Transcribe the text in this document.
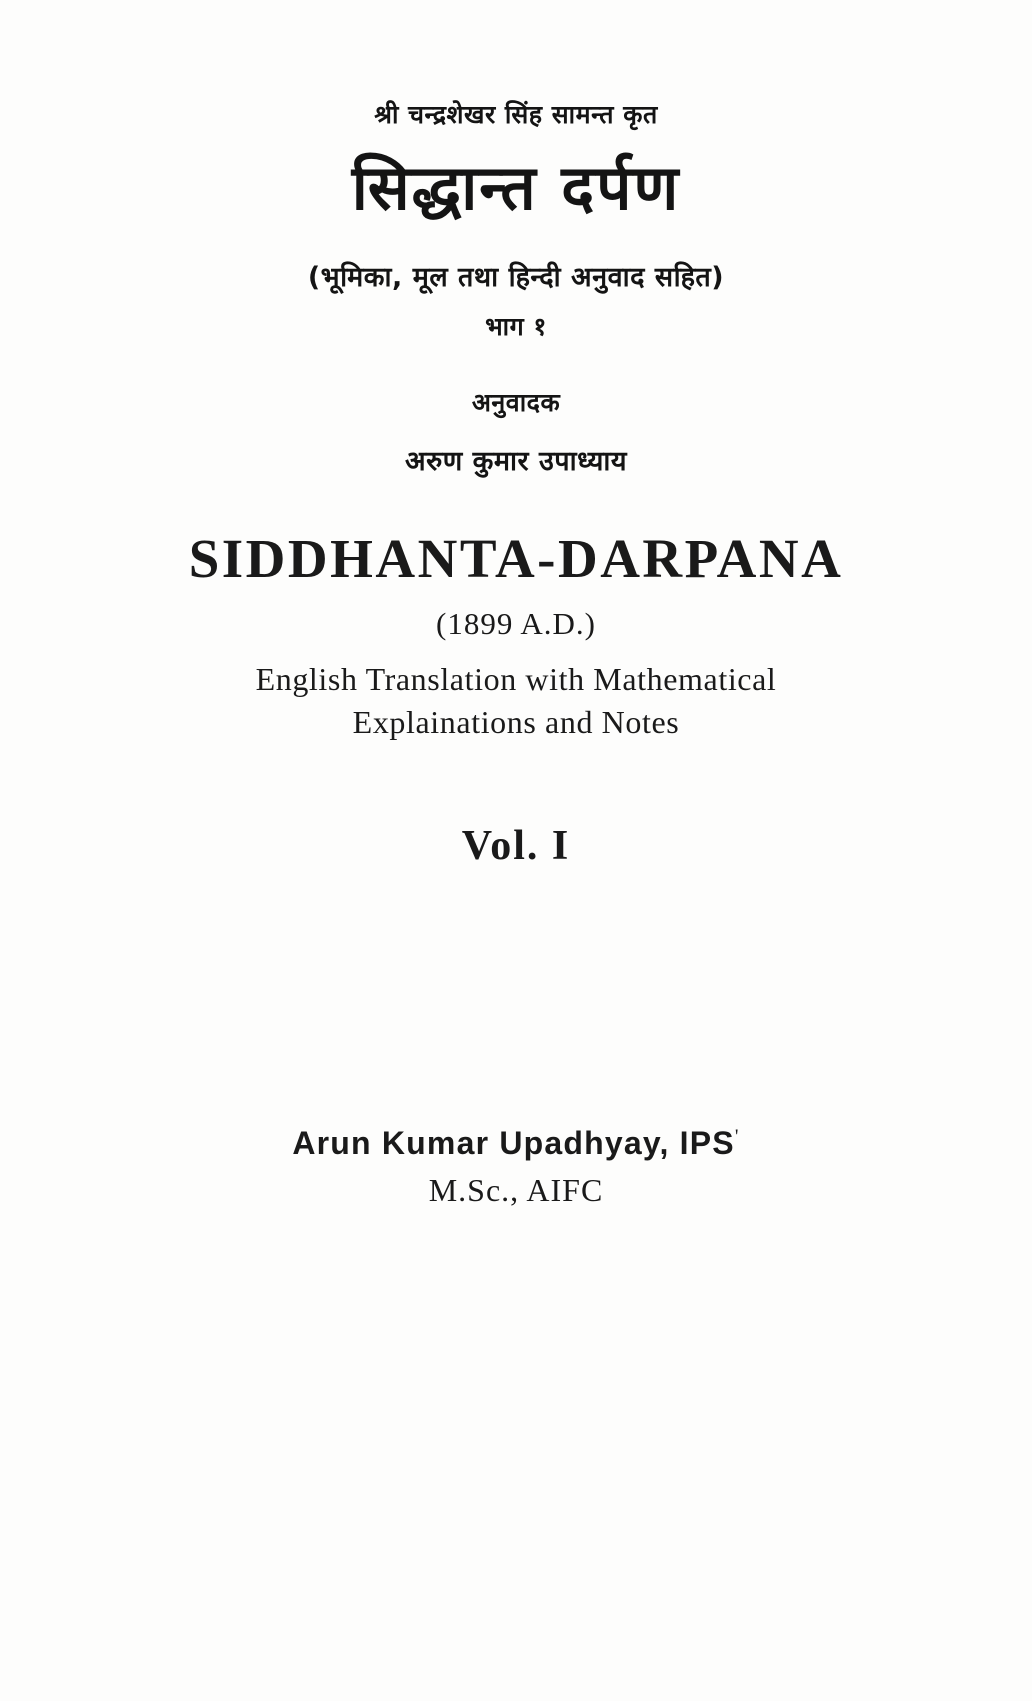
श्री चन्द्रशेखर सिंह सामन्त कृत
सिद्धान्त दर्पण
(भूमिका, मूल तथा हिन्दी अनुवाद सहित)
भाग १
अनुवादक
अरुण कुमार उपाध्याय
SIDDHANTA-DARPANA
(1899 A.D.)
English Translation with Mathematical
Explainations and Notes
Vol. I
Arun Kumar Upadhyay, IPS'
M.Sc., AIFC
